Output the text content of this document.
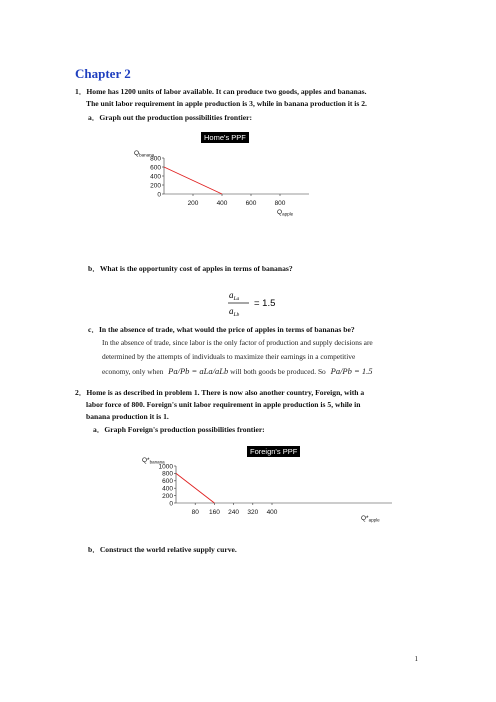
Chapter 2
1．Home has 1200 units of labor available. It can produce two goods, apples and bananas.
The unit labor requirement in apple production is 3, while in banana production it is 2.
a．Graph out the production possibilities frontier:
Home's PPF
$Q_{banana}$
$Q_{apple}$
0
200
400
600
800
200	400	600	800
b．What is the opportunity cost of apples in terms of bananas?
$a_{La}$
$a_{Lb}$
= 1.5
c．In the absence of trade, what would the price of apples in terms of bananas be?
In the absence of trade, since labor is the only factor of production and supply decisions are
determined by the attempts of individuals to maximize their earnings in a competitive
economy, only when Pa/Pb = aLa/aLb will both goods be produced. So Pa/Pb = 1.5
2．Home is as described in problem 1. There is now also another country, Foreign, with a
labor force of 800. Foreign's unit labor requirement in apple production is 5, while in
banana production it is 1.
a．Graph Foreign's production possibilities frontier:
Foreign's PPF
$Q*_{banana}$
$Q*_{apple}$
0
200
400
600
800
1000
80 160 240 320 400
b．Construct the world relative supply curve.
1
